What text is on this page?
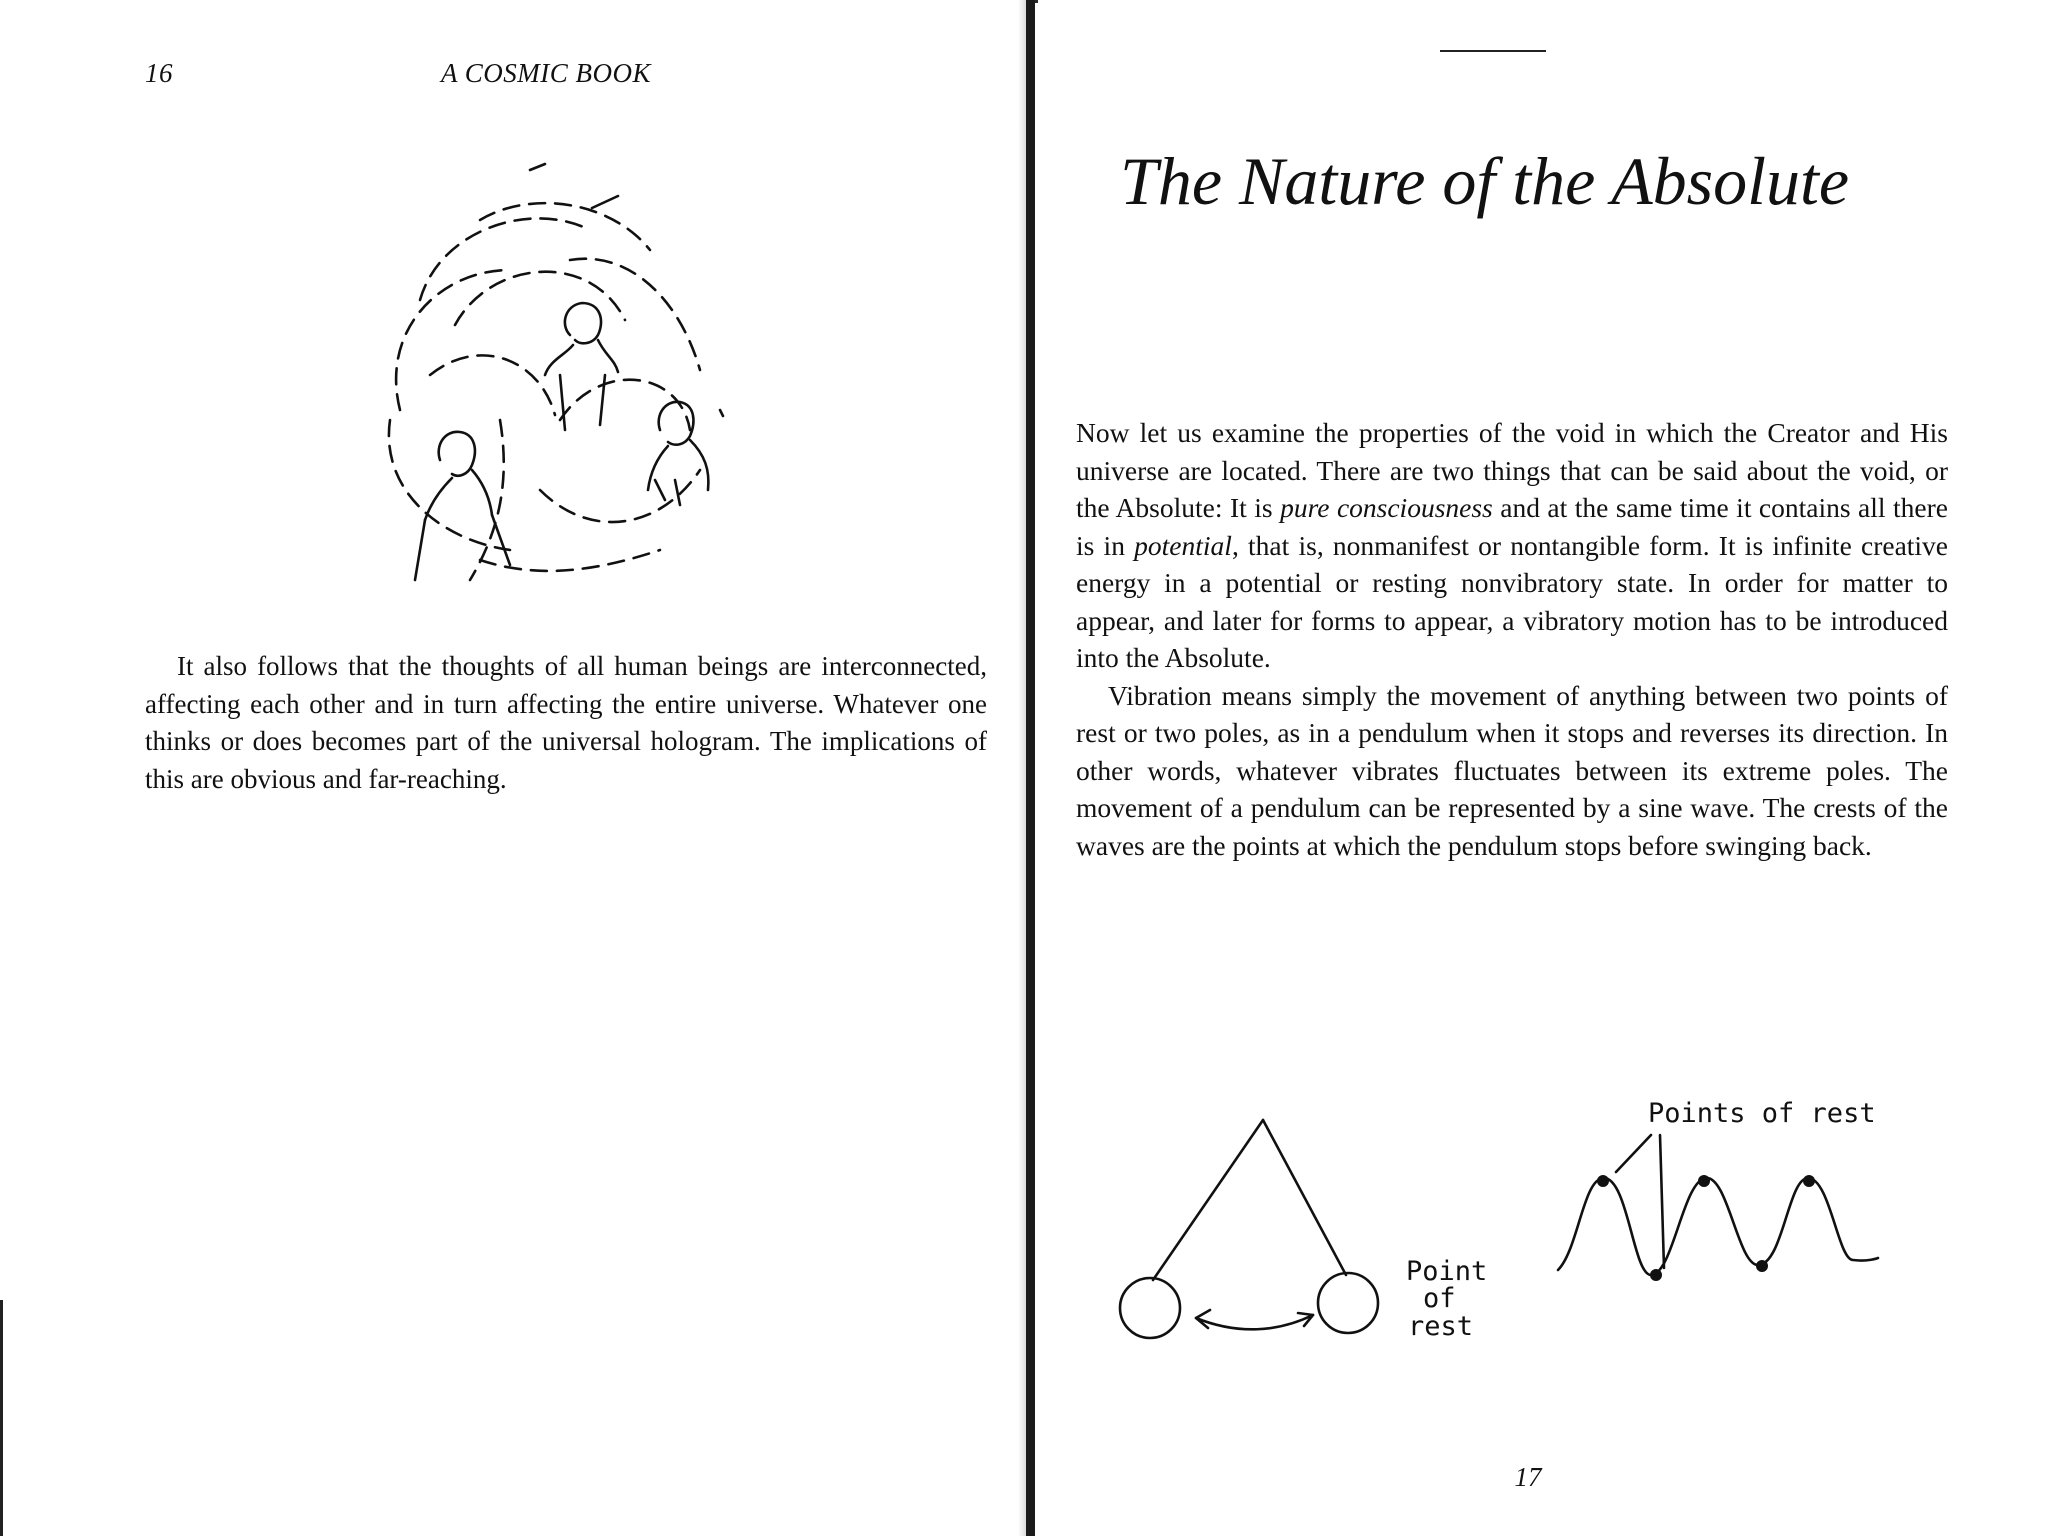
16	A COSMIC BOOK

It also follows that the thoughts of all human beings are interconnected, affecting each other and in turn affecting the entire universe. Whatever one thinks or does becomes part of the universal hologram. The implications of this are obvious and far-reaching.

The Nature of the Absolute

Now let us examine the properties of the void in which the Creator and His universe are located. There are two things that can be said about the void, or the Absolute: It is pure consciousness and at the same time it contains all there is in potential, that is, nonmanifest or nontangible form. It is infinite creative energy in a potential or resting nonvibratory state. In order for matter to appear, and later for forms to appear, a vibratory motion has to be introduced into the Absolute.

Vibration means simply the movement of anything between two points of rest or two poles, as in a pendulum when it stops and reverses its direction. In other words, whatever vibrates fluctuates between its extreme poles. The movement of a pendulum can be represented by a sine wave. The crests of the waves are the points at which the pendulum stops before swinging back.

Point
of
rest
Points of rest
17
